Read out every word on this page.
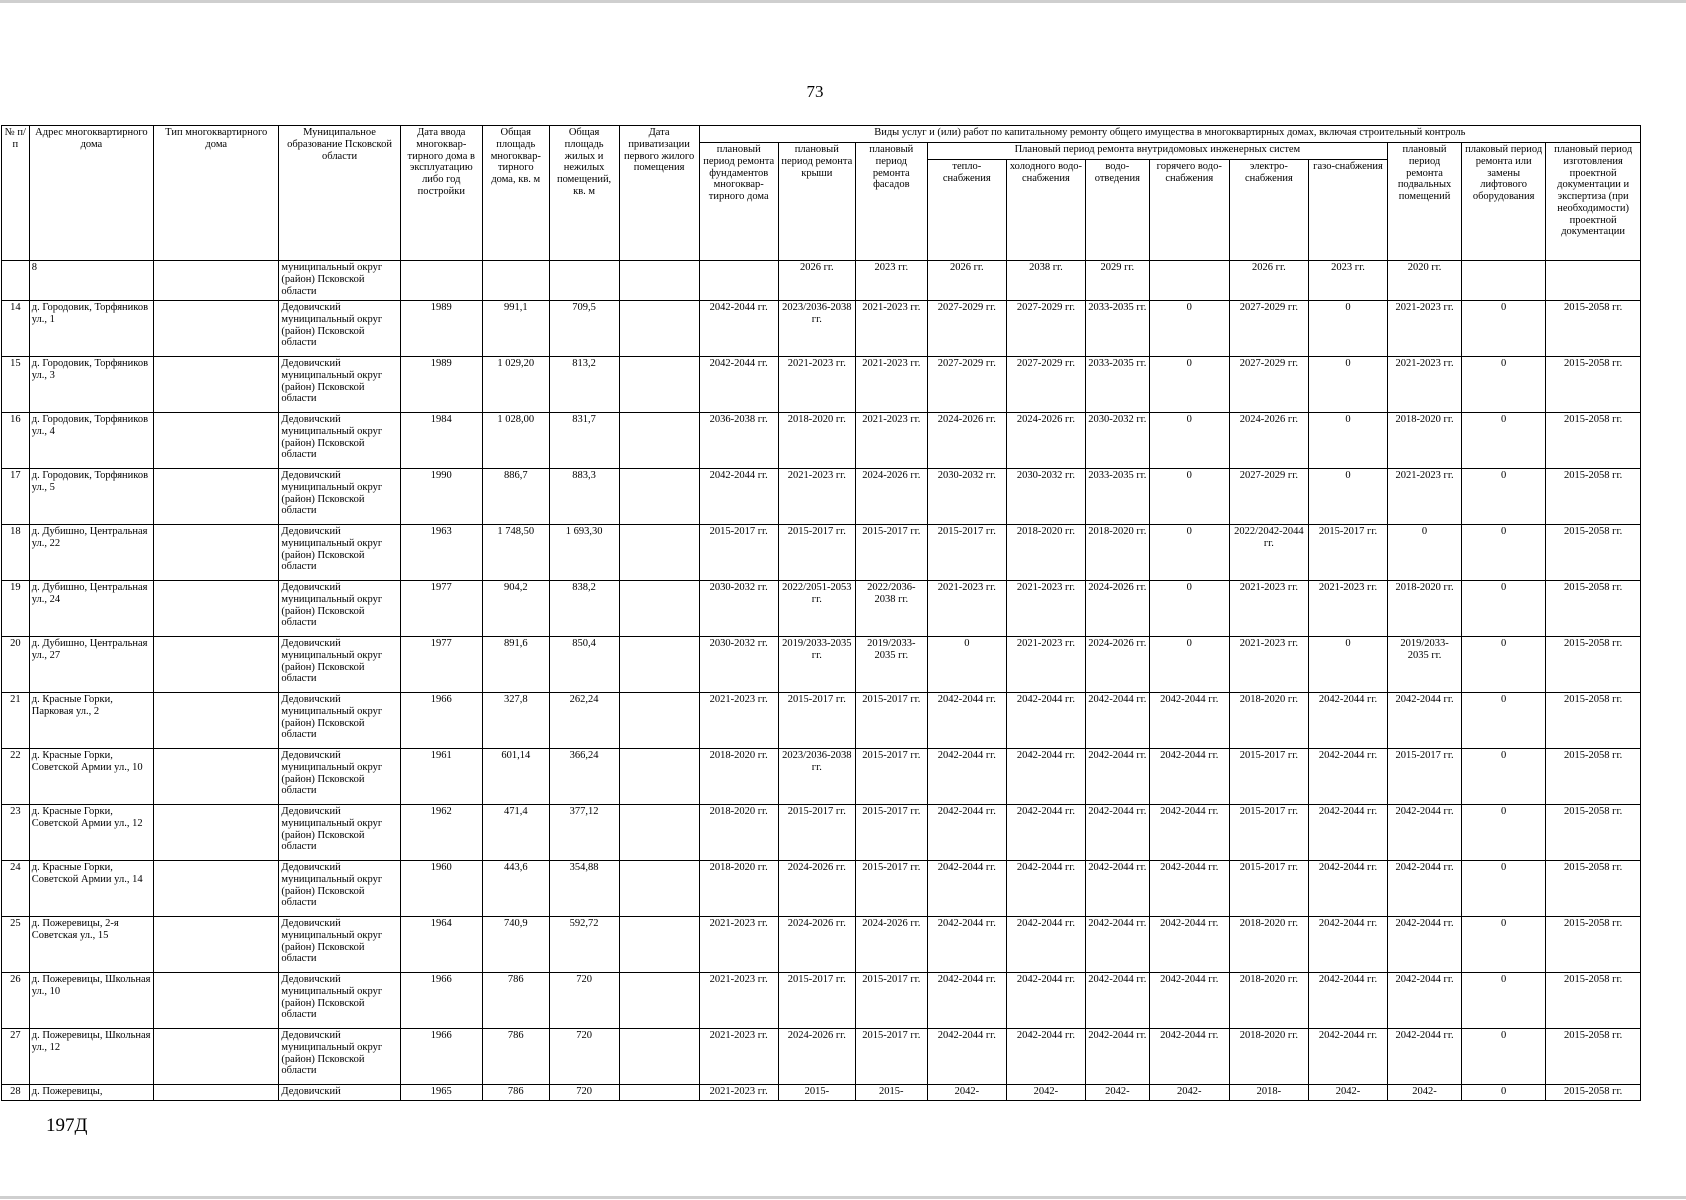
73
№ п/п	Адрес многоквартирного дома	Тип многоквартирного дома	Муниципальное образование Псковской области	Дата ввода многоквар-тирного дома в эксплуатацию либо год постройки	Общая площадь многоквар-тирного дома, кв. м	Общая площадь жилых и нежилых помещений, кв. м	Дата приватизации первого жилого помещения	Виды услуг и (или) работ по капитальному ремонту общего имущества в многоквартирных домах, включая строительный контроль											
								плановый период ремонта фундаментов многоквар-тирного дома	плановый период ремонта крыши	плановый период ремонта фасадов	Плановый период ремонта внутридомовых инженерных систем						плановый период ремонта подвальных помещений	плаковый период ремонта или замены лифтового оборудования	плановый период изготовления проектной документации и экспертиза (при необходимости) проектной документации
											тепло-снабжения	холодного водо-снабжения	водо-отведения	горячего водо-снабжения	электро-снабжения	газо-снабжения			
	8		муниципальный округ (район) Псковской области						2026 гг.	2023 гг.	2026 гг.	2038 гг.	2029 гг.		2026 гг.	2023 гг.	2020 гг.		
14	д. Городовик, Торфяников ул., 1		Дедовичский муниципальный округ (район) Псковской области	1989	991,1	709,5		2042-2044 гг.	2023/2036-2038 гг.	2021-2023 гг.	2027-2029 гг.	2027-2029 гг.	2033-2035 гг.	0	2027-2029 гг.	0	2021-2023 гг.	0	2015-2058 гг.
15	д. Городовик, Торфяников ул., 3		Дедовичский муниципальный округ (район) Псковской области	1989	1 029,20	813,2		2042-2044 гг.	2021-2023 гг.	2021-2023 гг.	2027-2029 гг.	2027-2029 гг.	2033-2035 гг.	0	2027-2029 гг.	0	2021-2023 гг.	0	2015-2058 гг.
16	д. Городовик, Торфяников ул., 4		Дедовичский муниципальный округ (район) Псковской области	1984	1 028,00	831,7		2036-2038 гг.	2018-2020 гг.	2021-2023 гг.	2024-2026 гг.	2024-2026 гг.	2030-2032 гг.	0	2024-2026 гг.	0	2018-2020 гг.	0	2015-2058 гг.
17	д. Городовик, Торфяников ул., 5		Дедовичский муниципальный округ (район) Псковской области	1990	886,7	883,3		2042-2044 гг.	2021-2023 гг.	2024-2026 гг.	2030-2032 гг.	2030-2032 гг.	2033-2035 гг.	0	2027-2029 гг.	0	2021-2023 гг.	0	2015-2058 гг.
18	д. Дубишно, Центральная ул., 22		Дедовичский муниципальный округ (район) Псковской области	1963	1 748,50	1 693,30		2015-2017 гг.	2015-2017 гг.	2015-2017 гг.	2015-2017 гг.	2018-2020 гг.	2018-2020 гг.	0	2022/2042-2044 гг.	2015-2017 гг.	0	0	2015-2058 гг.
19	д. Дубишно, Центральная ул., 24		Дедовичский муниципальный округ (район) Псковской области	1977	904,2	838,2		2030-2032 гг.	2022/2051-2053 гг.	2022/2036-2038 гг.	2021-2023 гг.	2021-2023 гг.	2024-2026 гг.	0	2021-2023 гг.	2021-2023 гг.	2018-2020 гг.	0	2015-2058 гг.
20	д. Дубишно, Центральная ул., 27		Дедовичский муниципальный округ (район) Псковской области	1977	891,6	850,4		2030-2032 гг.	2019/2033-2035 гг.	2019/2033-2035 гг.	0	2021-2023 гг.	2024-2026 гг.	0	2021-2023 гг.	0	2019/2033-2035 гг.	0	2015-2058 гг.
21	д. Красные Горки, Парковая ул., 2		Дедовичский муниципальный округ (район) Псковской области	1966	327,8	262,24		2021-2023 гг.	2015-2017 гг.	2015-2017 гг.	2042-2044 гг.	2042-2044 гг.	2042-2044 гг.	2042-2044 гг.	2018-2020 гг.	2042-2044 гг.	2042-2044 гг.	0	2015-2058 гг.
22	д. Красные Горки, Советской Армии ул., 10		Дедовичский муниципальный округ (район) Псковской области	1961	601,14	366,24		2018-2020 гг.	2023/2036-2038 гг.	2015-2017 гг.	2042-2044 гг.	2042-2044 гг.	2042-2044 гг.	2042-2044 гг.	2015-2017 гг.	2042-2044 гг.	2015-2017 гг.	0	2015-2058 гг.
23	д. Красные Горки, Советской Армии ул., 12		Дедовичский муниципальный округ (район) Псковской области	1962	471,4	377,12		2018-2020 гг.	2015-2017 гг.	2015-2017 гг.	2042-2044 гг.	2042-2044 гг.	2042-2044 гг.	2042-2044 гг.	2015-2017 гг.	2042-2044 гг.	2042-2044 гг.	0	2015-2058 гг.
24	д. Красные Горки, Советской Армии ул., 14		Дедовичский муниципальный округ (район) Псковской области	1960	443,6	354,88		2018-2020 гг.	2024-2026 гг.	2015-2017 гг.	2042-2044 гг.	2042-2044 гг.	2042-2044 гг.	2042-2044 гг.	2015-2017 гг.	2042-2044 гг.	2042-2044 гг.	0	2015-2058 гг.
25	д. Пожеревицы, 2-я Советская ул., 15		Дедовичский муниципальный округ (район) Псковской области	1964	740,9	592,72		2021-2023 гг.	2024-2026 гг.	2024-2026 гг.	2042-2044 гг.	2042-2044 гг.	2042-2044 гг.	2042-2044 гг.	2018-2020 гг.	2042-2044 гг.	2042-2044 гг.	0	2015-2058 гг.
26	д. Пожеревицы, Школьная ул., 10		Дедовичский муниципальный округ (район) Псковской области	1966	786	720		2021-2023 гг.	2015-2017 гг.	2015-2017 гг.	2042-2044 гг.	2042-2044 гг.	2042-2044 гг.	2042-2044 гг.	2018-2020 гг.	2042-2044 гг.	2042-2044 гг.	0	2015-2058 гг.
27	д. Пожеревицы, Школьная ул., 12		Дедовичский муниципальный округ (район) Псковской области	1966	786	720		2021-2023 гг.	2024-2026 гг.	2015-2017 гг.	2042-2044 гг.	2042-2044 гг.	2042-2044 гг.	2042-2044 гг.	2018-2020 гг.	2042-2044 гг.	2042-2044 гг.	0	2015-2058 гг.
28	д. Пожеревицы,		Дедовичский	1965	786	720		2021-2023 гг.	2015-	2015-	2042-	2042-	2042-	2042-	2018-	2042-	2042-	0	2015-2058 гг.
197Д
